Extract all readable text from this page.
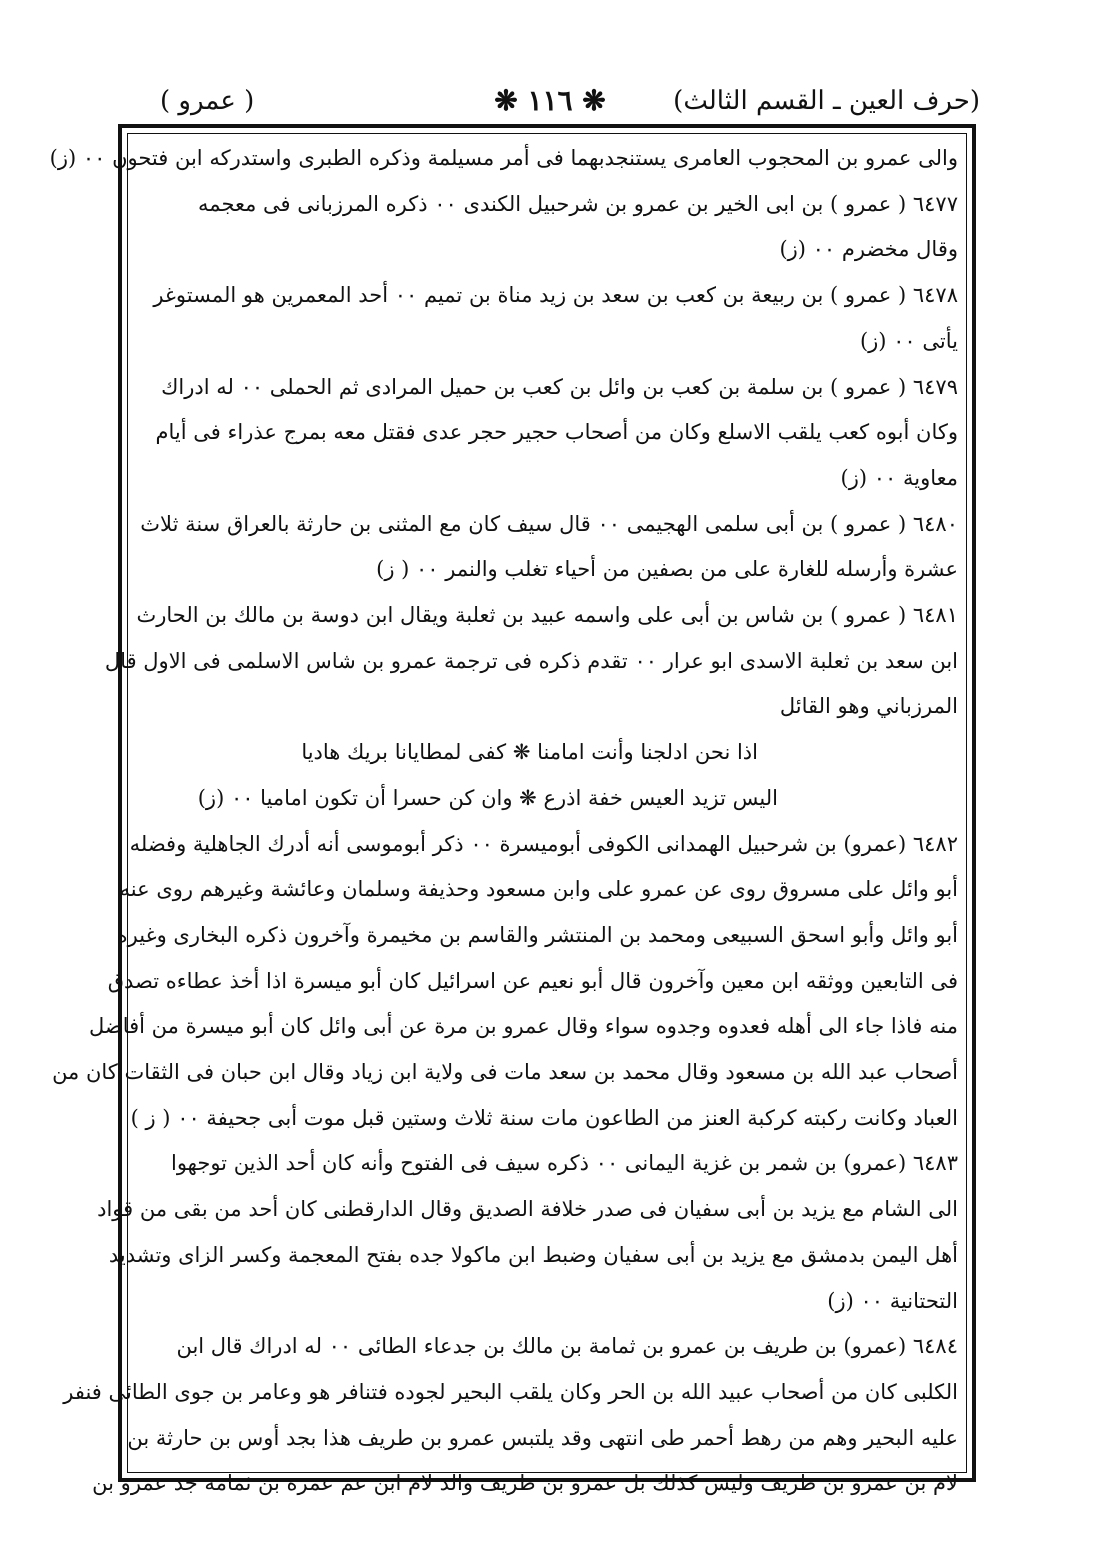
(حرف العين ـ القسم الثالث)
❋ ١١٦ ❋
( عمرو )
والى عمرو بن المحجوب العامرى يستنجدبهما فى أمر مسيلمة وذكره الطبرى واستدركه ابن فتحون ٠٠ (ز)
٦٤٧٧ ( عمرو ) بن ابى الخير بن عمرو بن شرحبيل الكندى ٠٠ ذكره المرزبانى فى معجمه
وقال مخضرم ٠٠ (ز)
٦٤٧٨ ( عمرو ) بن ربيعة بن كعب بن سعد بن زيد مناة بن تميم ٠٠ أحد المعمرين هو المستوغر
يأتى ٠٠ (ز)
٦٤٧٩ ( عمرو ) بن سلمة بن كعب بن وائل بن كعب بن حميل المرادى ثم الحملى ٠٠ له ادراك
وكان أبوه كعب يلقب الاسلع وكان من أصحاب حجير حجر عدى فقتل معه بمرج عذراء فى أيام
معاوية ٠٠ (ز)
٦٤٨٠ ( عمرو ) بن أبى سلمى الهجيمى ٠٠ قال سيف كان مع المثنى بن حارثة بالعراق سنة ثلاث
عشرة وأرسله للغارة على من بصفين من أحياء تغلب والنمر ٠٠ ( ز)
٦٤٨١ ( عمرو ) بن شاس بن أبى على واسمه عبيد بن ثعلبة ويقال ابن دوسة بن مالك بن الحارث
ابن سعد بن ثعلبة الاسدى ابو عرار ٠٠ تقدم ذكره فى ترجمة عمرو بن شاس الاسلمى فى الاول قال
المرزباني وهو القائل
اذا نحن ادلجنا وأنت امامنا ❋ كفى لمطايانا بريك هاديا
اليس تزيد العيس خفة اذرع ❋ وان كن حسرا أن تكون اماميا ٠٠ (ز)
٦٤٨٢ (عمرو) بن شرحبيل الهمدانى الكوفى أبوميسرة ٠٠ ذكر أبوموسى أنه أدرك الجاهلية وفضله
أبو وائل على مسروق روى عن عمرو على وابن مسعود وحذيفة وسلمان وعائشة وغيرهم روى عنه
أبو وائل وأبو اسحق السبيعى ومحمد بن المنتشر والقاسم بن مخيمرة وآخرون ذكره البخارى وغيره
فى التابعين ووثقه ابن معين وآخرون قال أبو نعيم عن اسرائيل كان أبو ميسرة اذا أخذ عطاءه تصدق
منه فاذا جاء الى أهله فعدوه وجدوه سواء وقال عمرو بن مرة عن أبى وائل كان أبو ميسرة من أفاضل
أصحاب عبد الله بن مسعود وقال محمد بن سعد مات فى ولاية ابن زياد وقال ابن حبان فى الثقات كان من
العباد وكانت ركبته كركبة العنز من الطاعون مات سنة ثلاث وستين قبل موت أبى جحيفة ٠٠ ( ز )
٦٤٨٣ (عمرو) بن شمر بن غزية اليمانى ٠٠ ذكره سيف فى الفتوح وأنه كان أحد الذين توجهوا
الى الشام مع يزيد بن أبى سفيان فى صدر خلافة الصديق وقال الدارقطنى كان أحد من بقى من قواد
أهل اليمن بدمشق مع يزيد بن أبى سفيان وضبط ابن ماكولا جده بفتح المعجمة وكسر الزاى وتشديد
التحتانية ٠٠ (ز)
٦٤٨٤ (عمرو) بن طريف بن عمرو بن ثمامة بن مالك بن جدعاء الطائى ٠٠ له ادراك قال ابن
الكلبى كان من أصحاب عبيد الله بن الحر وكان يلقب البحير لجوده فتنافر هو وعامر بن جوى الطائى فنفر
عليه البحير وهم من رهط أحمر طى انتهى وقد يلتبس عمرو بن طريف هذا بجد أوس بن حارثة بن
لام بن عمرو بن طريف وليس كذلك بل عمرو بن طريف والد لام ابن عم عمرة بن ثمامة جد عمرو بن
